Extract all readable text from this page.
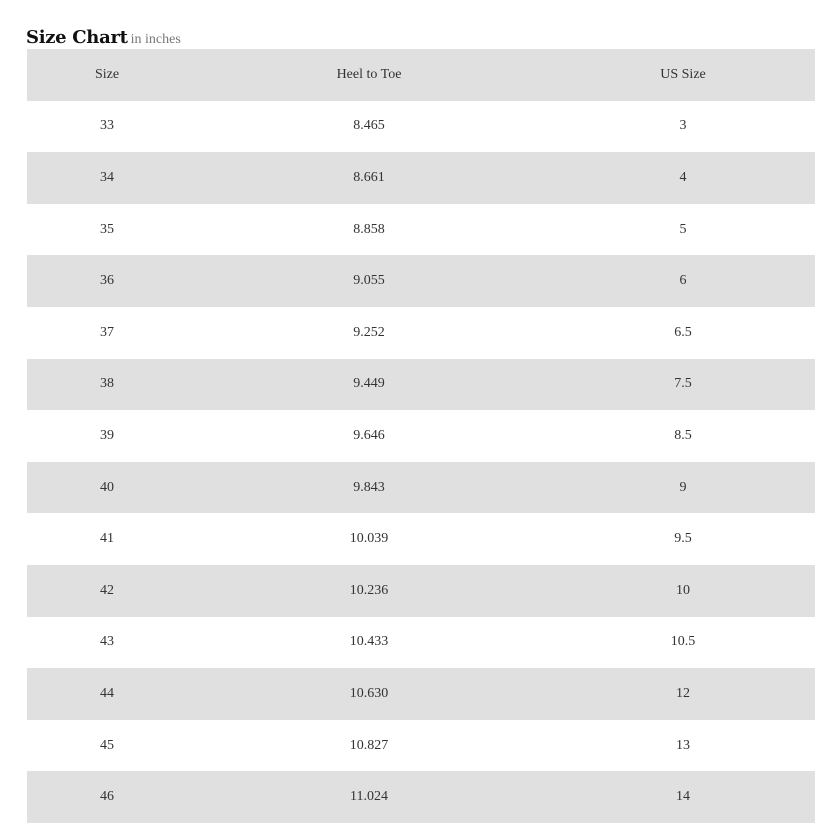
Size Chart in inches
Size	Heel to Toe	US Size
33	8.465	3
34	8.661	4
35	8.858	5
36	9.055	6
37	9.252	6.5
38	9.449	7.5
39	9.646	8.5
40	9.843	9
41	10.039	9.5
42	10.236	10
43	10.433	10.5
44	10.630	12
45	10.827	13
46	11.024	14
